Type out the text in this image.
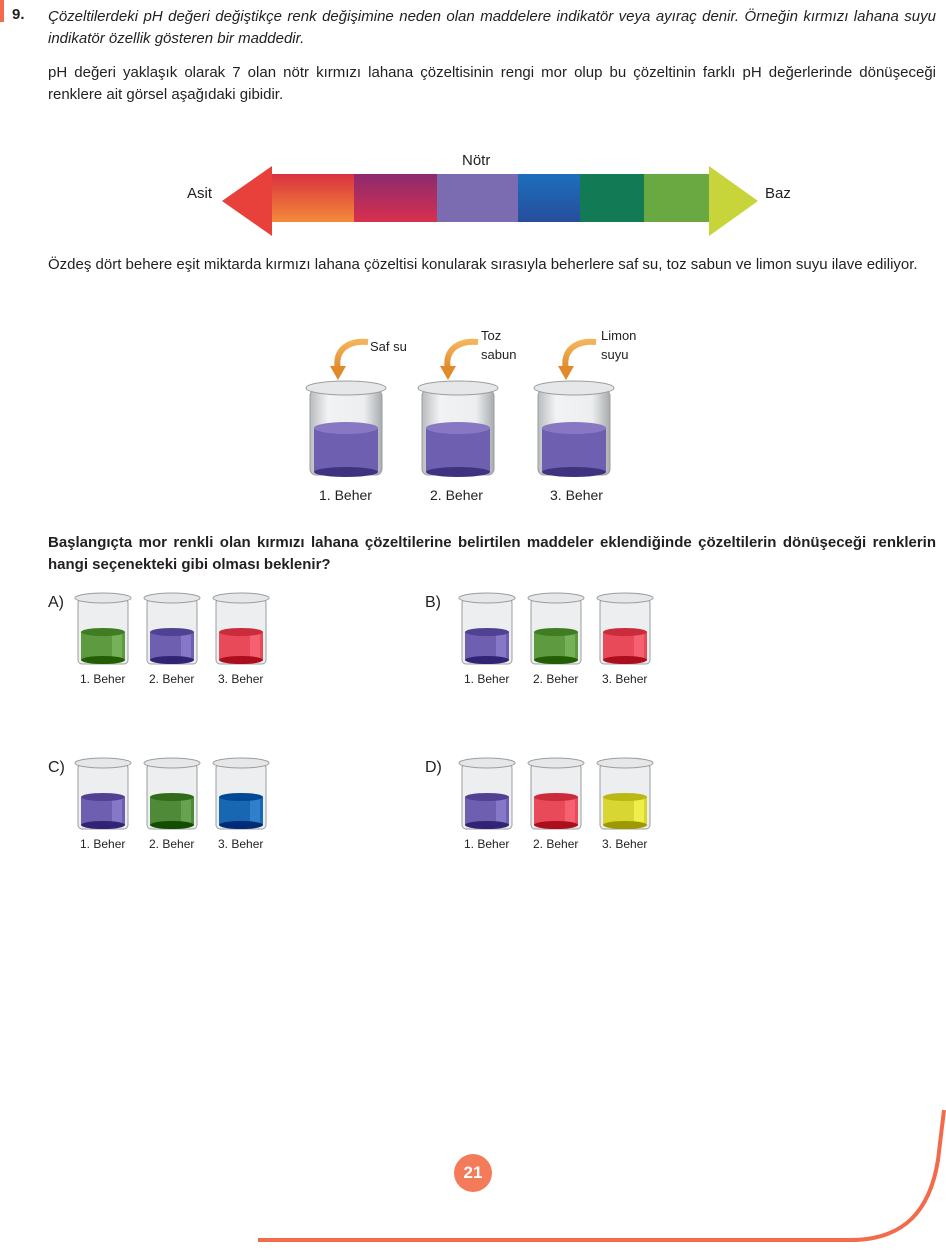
9. Çözeltilerdeki pH değeri değiştikçe renk değişimine neden olan maddelere indikatör veya ayıraç denir. Örneğin kırmızı lahana suyu indikatör özellik gösteren bir maddedir.
pH değeri yaklaşık olarak 7 olan nötr kırmızı lahana çözeltisinin rengi mor olup bu çözeltinin farklı pH değerlerinde dönüşeceği renklere ait görsel aşağıdaki gibidir.
Asit
Nötr
Baz
Özdeş dört behere eşit miktarda kırmızı lahana çözeltisi konularak sırasıyla beherlere saf su, toz sabun ve limon suyu ilave ediliyor.
Saf su
Toz
sabun
Limon
suyu
1. Beher	2. Beher	3. Beher
Başlangıçta mor renkli olan kırmızı lahana çözeltilerine belirtilen maddeler eklendiğinde çözeltilerin dönüşeceği renklerin hangi seçenekteki gibi olması beklenir?
A)
1. Beher 2. Beher 3. Beher
B)
1. Beher 2. Beher 3. Beher
C)
1. Beher 2. Beher 3. Beher
D)
1. Beher 2. Beher 3. Beher
21
